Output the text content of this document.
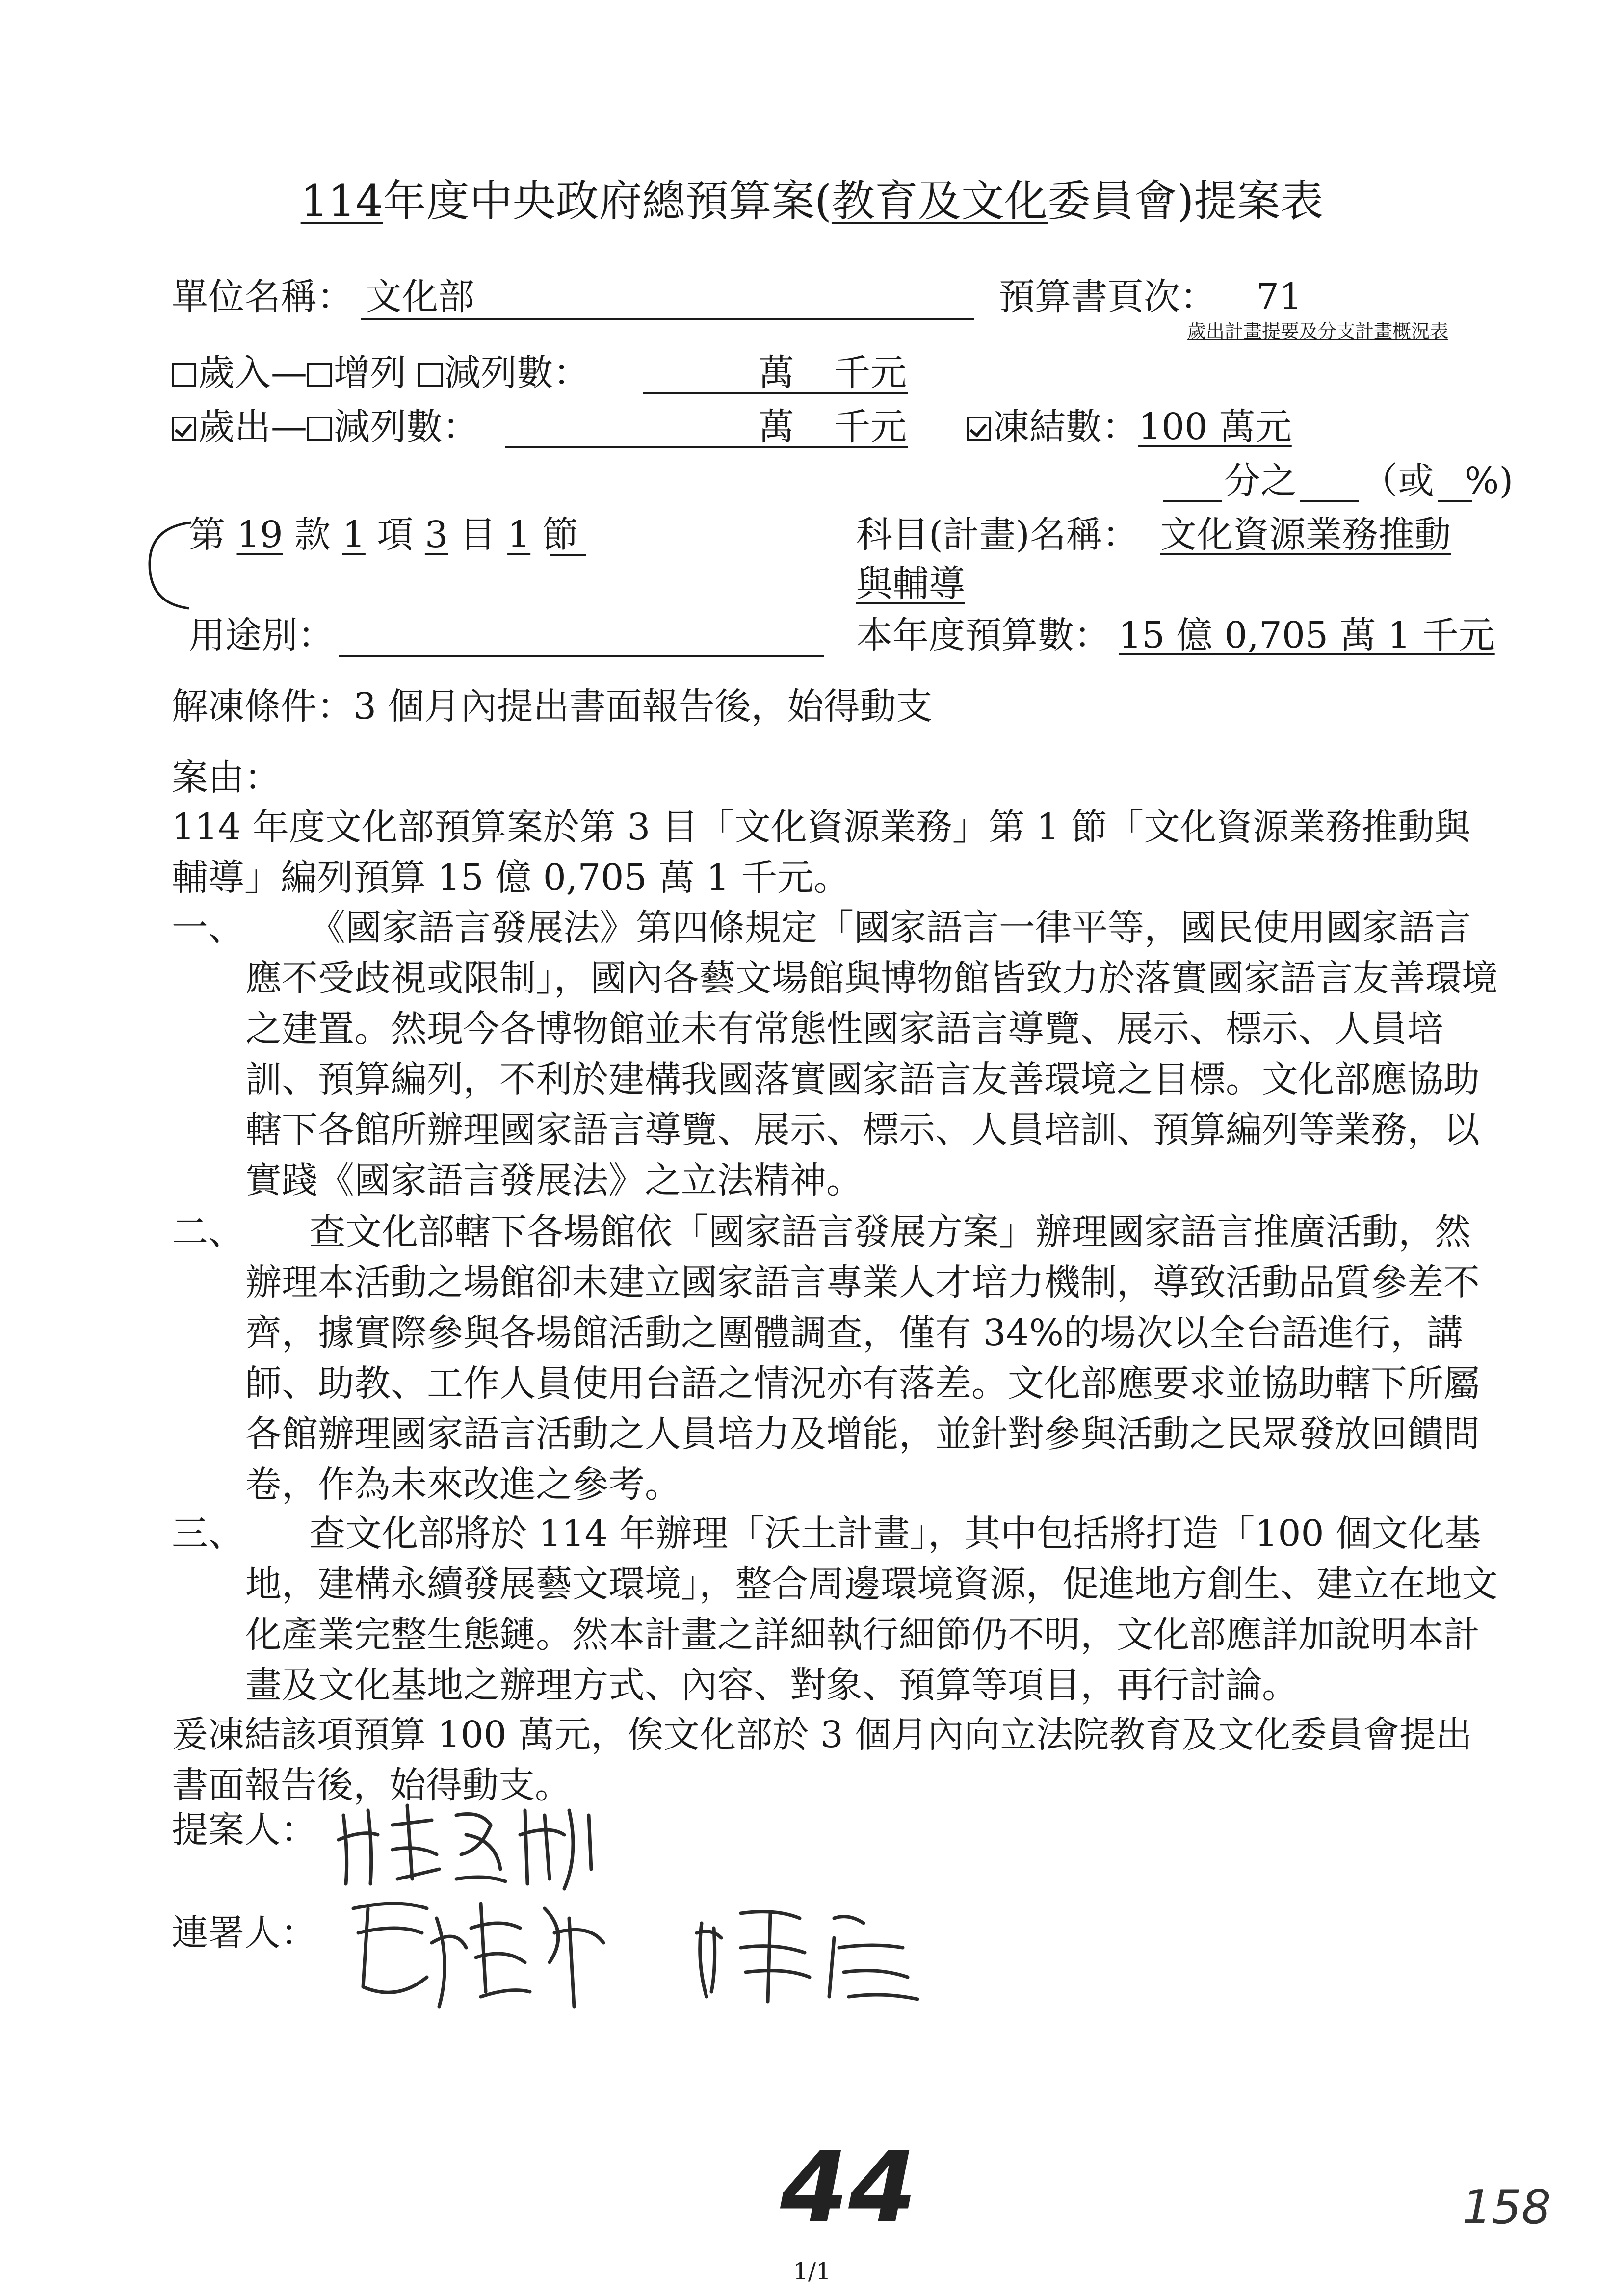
114年度中央政府總預算案(教育及文化委員會)提案表
單位名稱： 文化部	預算書頁次： 71
歲出計畫提要及分支計畫概況表
歲入— 增列 減列數：	萬 千元
歲出— 減列數：	萬 千元	凍結數：100 萬元
分之 （或 %)
第 19 款 1 項 3 目 1 節	科目(計畫)名稱： 文化資源業務推動
與輔導
用途別：	本年度預算數： 15 億 0,705 萬 1 千元
解凍條件：3 個月內提出書面報告後，始得動支
案由：
114 年度文化部預算案於第 3 目「文化資源業務」第 1 節「文化資源業務推動與輔導」編列預算 15 億 0,705 萬 1 千元。
一、	《國家語言發展法》第四條規定「國家語言一律平等，國民使用國家語言應不受歧視或限制」，國內各藝文場館與博物館皆致力於落實國家語言友善環境之建置。然現今各博物館並未有常態性國家語言導覽、展示、標示、人員培訓、預算編列，不利於建構我國落實國家語言友善環境之目標。文化部應協助轄下各館所辦理國家語言導覽、展示、標示、人員培訓、預算編列等業務，以實踐《國家語言發展法》之立法精神。
二、	查文化部轄下各場館依「國家語言發展方案」辦理國家語言推廣活動，然辦理本活動之場館卻未建立國家語言專業人才培力機制，導致活動品質參差不齊，據實際參與各場館活動之團體調查，僅有 34%的場次以全台語進行，講師、助教、工作人員使用台語之情況亦有落差。文化部應要求並協助轄下所屬各館辦理國家語言活動之人員培力及增能，並針對參與活動之民眾發放回饋問卷，作為未來改進之參考。
三、	查文化部將於 114 年辦理「沃土計畫」，其中包括將打造「100 個文化基地，建構永續發展藝文環境」，整合周邊環境資源，促進地方創生、建立在地文化產業完整生態鏈。然本計畫之詳細執行細節仍不明，文化部應詳加說明本計畫及文化基地之辦理方式、內容、對象、預算等項目，再行討論。
爰凍結該項預算 100 萬元，俟文化部於 3 個月內向立法院教育及文化委員會提出書面報告後，始得動支。
提案人：
連署人：
44	158
1/1
